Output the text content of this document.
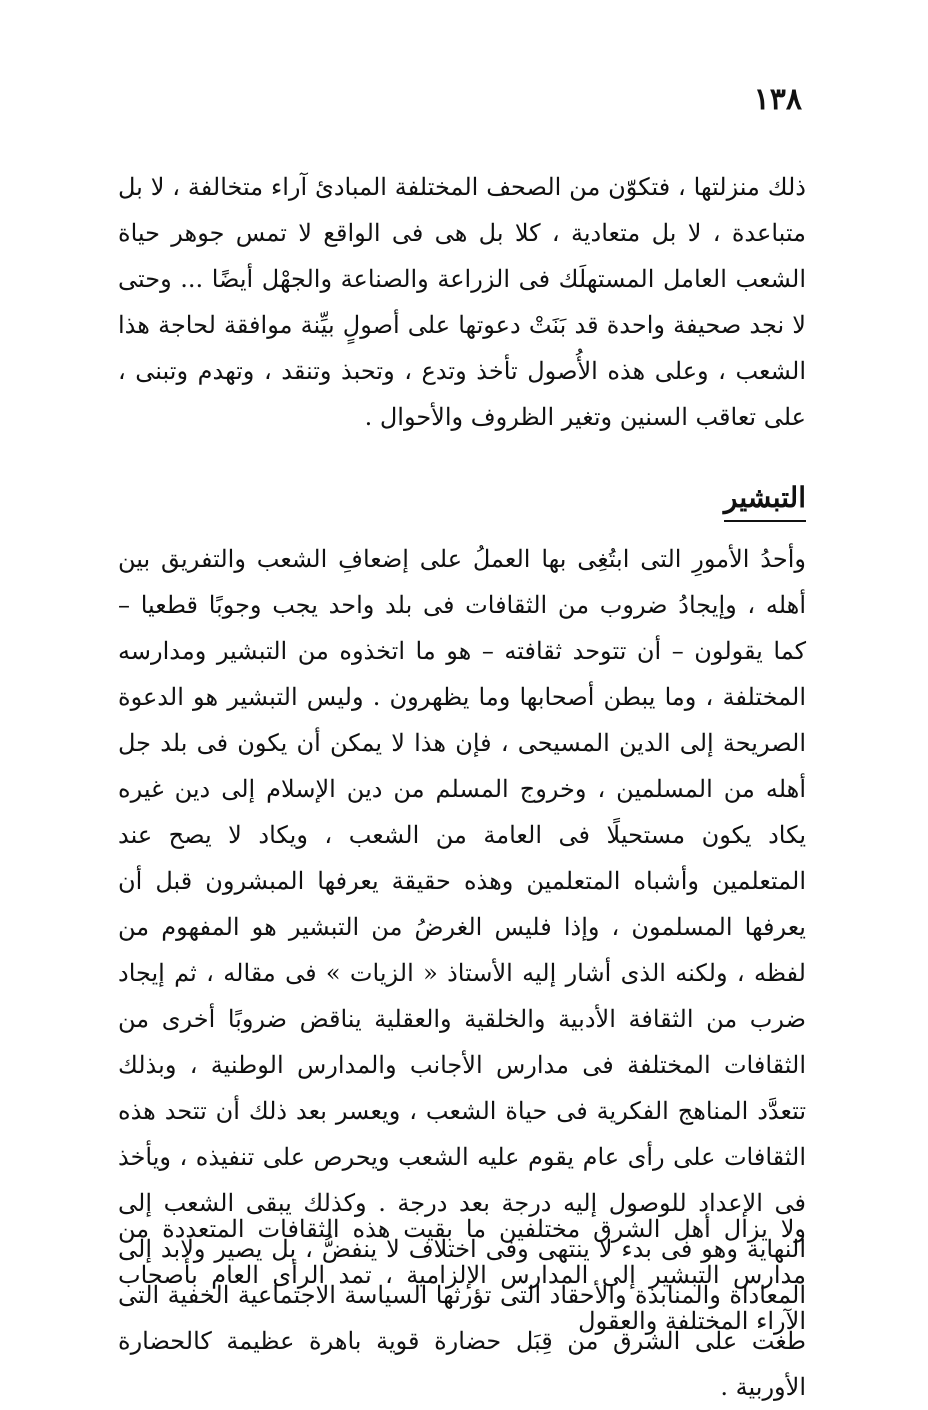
١٣٨

ذلك منزلتها ، فتكوّن من الصحف المختلفة المبادئ آراء متخالفة ، لا بل متباعدة ، لا بل متعادية ، كلا بل هى فى الواقع لا تمس جوهر حياة الشعب العامل المستهلَك فى الزراعة والصناعة والجهْل أيضًا ... وحتى لا نجد صحيفة واحدة قد بَنَتْ دعوتها على أصولٍ بيِّنة موافقة لحاجة هذا الشعب ، وعلى هذه الأُصول تأخذ وتدع ، وتحبذ وتنقد ، وتهدم وتبنى ، على تعاقب السنين وتغير الظروف والأحوال .

التبشير

وأحدُ الأمورِ التى ابتُغِى بها العملُ على إضعافِ الشعب والتفريق بين أهله ، وإيجادُ ضروب من الثقافات فى بلد واحد يجب وجوبًا قطعيا – كما يقولون – أن تتوحد ثقافته – هو ما اتخذوه من التبشير ومدارسه المختلفة ، وما يبطن أصحابها وما يظهرون . وليس التبشير هو الدعوة الصريحة إلى الدين المسيحى ، فإن هذا لا يمكن أن يكون فى بلد جل أهله من المسلمين ، وخروج المسلم من دين الإسلام إلى دين غيره يكاد يكون مستحيلًا فى العامة من الشعب ، ويكاد لا يصح عند المتعلمين وأشباه المتعلمين وهذه حقيقة يعرفها المبشرون قبل أن يعرفها المسلمون ، وإذا فليس الغرضُ من التبشير هو المفهوم من لفظه ، ولكنه الذى أشار إليه الأستاذ « الزيات » فى مقاله ، ثم إيجاد ضرب من الثقافة الأدبية والخلقية والعقلية يناقض ضروبًا أخرى من الثقافات المختلفة فى مدارس الأجانب والمدارس الوطنية ، وبذلك تتعدَّد المناهج الفكرية فى حياة الشعب ، ويعسر بعد ذلك أن تتحد هذه الثقافات على رأى عام يقوم عليه الشعب ويحرص على تنفيذه ، ويأخذ فى الإعداد للوصول إليه درجة بعد درجة . وكذلك يبقى الشعب إلى النهاية وهو فى بدء لا ينتهى وفى اختلاف لا ينفضُّ ، بل يصير ولابد إلى المعاداة والمنابذة والأحقاد التى تؤرثها السياسة الاجتماعية الخفية التى طغت على الشرق من قِبَل حضارة قوية باهرة عظيمة كالحضارة الأوربية .

ولا يزال أهل الشرق مختلفين ما بقيت هذه الثقافات المتعددة من مدارس التبشير إلى المدارس الإلزامية ، تمد الرأى العام بأصحاب الآراء المختلفة والعقول
